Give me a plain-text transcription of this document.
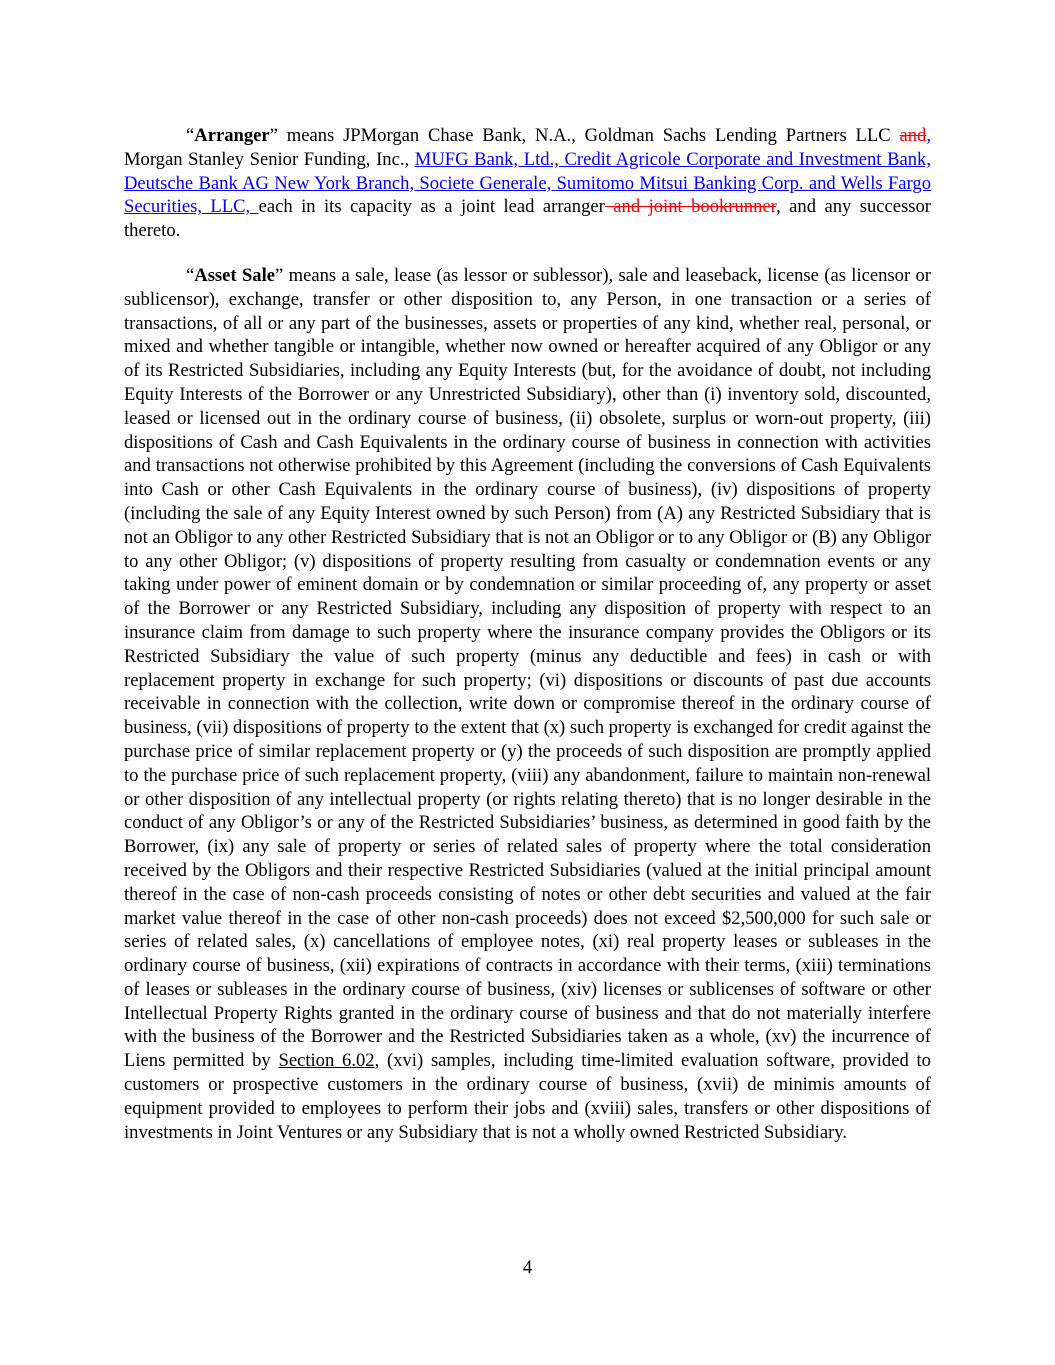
“Arranger” means JPMorgan Chase Bank, N.A., Goldman Sachs Lending Partners LLC and, Morgan Stanley Senior Funding, Inc., MUFG Bank, Ltd., Credit Agricole Corporate and Investment Bank, Deutsche Bank AG New York Branch, Societe Generale, Sumitomo Mitsui Banking Corp. and Wells Fargo Securities, LLC, each in its capacity as a joint lead arranger and joint bookrunner, and any successor thereto.

“Asset Sale” means a sale, lease (as lessor or sublessor), sale and leaseback, license (as licensor or sublicensor), exchange, transfer or other disposition to, any Person, in one transaction or a series of transactions, of all or any part of the businesses, assets or properties of any kind, whether real, personal, or mixed and whether tangible or intangible, whether now owned or hereafter acquired of any Obligor or any of its Restricted Subsidiaries, including any Equity Interests (but, for the avoidance of doubt, not including Equity Interests of the Borrower or any Unrestricted Subsidiary), other than (i) inventory sold, discounted, leased or licensed out in the ordinary course of business, (ii) obsolete, surplus or worn-out property, (iii) dispositions of Cash and Cash Equivalents in the ordinary course of business in connection with activities and transactions not otherwise prohibited by this Agreement (including the conversions of Cash Equivalents into Cash or other Cash Equivalents in the ordinary course of business), (iv) dispositions of property (including the sale of any Equity Interest owned by such Person) from (A) any Restricted Subsidiary that is not an Obligor to any other Restricted Subsidiary that is not an Obligor or to any Obligor or (B) any Obligor to any other Obligor; (v) dispositions of property resulting from casualty or condemnation events or any taking under power of eminent domain or by condemnation or similar proceeding of, any property or asset of the Borrower or any Restricted Subsidiary, including any disposition of property with respect to an insurance claim from damage to such property where the insurance company provides the Obligors or its Restricted Subsidiary the value of such property (minus any deductible and fees) in cash or with replacement property in exchange for such property; (vi) dispositions or discounts of past due accounts receivable in connection with the collection, write down or compromise thereof in the ordinary course of business, (vii) dispositions of property to the extent that (x) such property is exchanged for credit against the purchase price of similar replacement property or (y) the proceeds of such disposition are promptly applied to the purchase price of such replacement property, (viii) any abandonment, failure to maintain non-renewal or other disposition of any intellectual property (or rights relating thereto) that is no longer desirable in the conduct of any Obligor’s or any of the Restricted Subsidiaries’ business, as determined in good faith by the Borrower, (ix) any sale of property or series of related sales of property where the total consideration received by the Obligors and their respective Restricted Subsidiaries (valued at the initial principal amount thereof in the case of non-cash proceeds consisting of notes or other debt securities and valued at the fair market value thereof in the case of other non-cash proceeds) does not exceed $2,500,000 for such sale or series of related sales, (x) cancellations of employee notes, (xi) real property leases or subleases in the ordinary course of business, (xii) expirations of contracts in accordance with their terms, (xiii) terminations of leases or subleases in the ordinary course of business, (xiv) licenses or sublicenses of software or other Intellectual Property Rights granted in the ordinary course of business and that do not materially interfere with the business of the Borrower and the Restricted Subsidiaries taken as a whole, (xv) the incurrence of Liens permitted by Section 6.02, (xvi) samples, including time-limited evaluation software, provided to customers or prospective customers in the ordinary course of business, (xvii) de minimis amounts of equipment provided to employees to perform their jobs and (xviii) sales, transfers or other dispositions of investments in Joint Ventures or any Subsidiary that is not a wholly owned Restricted Subsidiary.

4
